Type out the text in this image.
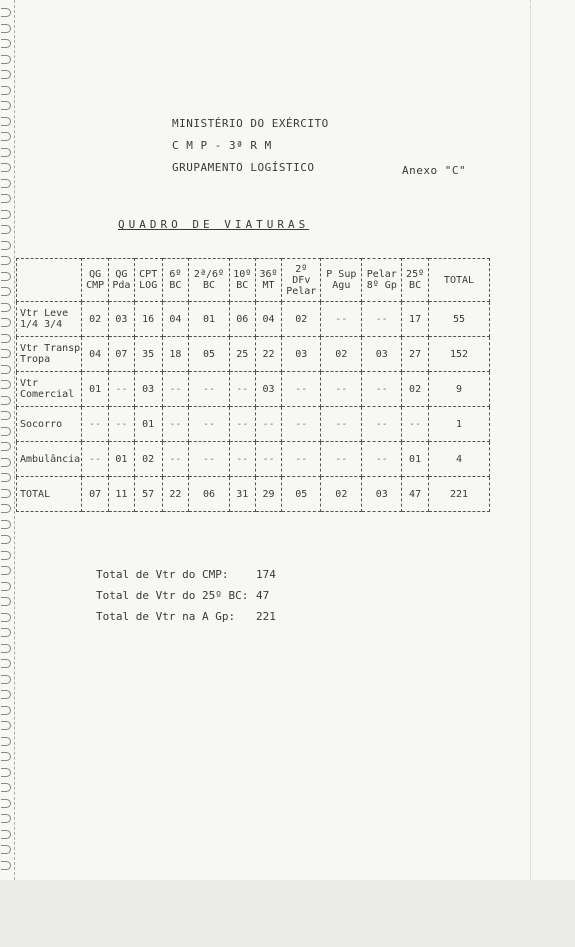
MINISTÉRIO DO EXÉRCITO
C M P - 3ª R M
GRUPAMENTO LOGÍSTICO	Anexo "C"
QUADRO DE VIATURAS
	QG CMP	QG Pda	CPT LOG	6º BC	2ª/6º BC	10º BC	36º MT	2º DFv Pelar	P Sup Agu	Pelar 8º Gp	25º BC	TOTAL
Vtr Leve 1/4 3/4	02	03	16	04	01	06	04	02	--	--	17	55
Vtr Transp Tropa	04	07	35	18	05	25	22	03	02	03	27	152
Vtr Comercial	01	--	03	--	--	--	03	--	--	--	02	9
Socorro	--	--	01	--	--	--	--	--	--	--	--	1
Ambulância	--	01	02	--	--	--	--	--	--	--	01	4
TOTAL	07	11	57	22	06	31	29	05	02	03	47	221
Total de Vtr do CMP:	174
Total de Vtr do 25º BC: 47
Total de Vtr na A Gp: 221
